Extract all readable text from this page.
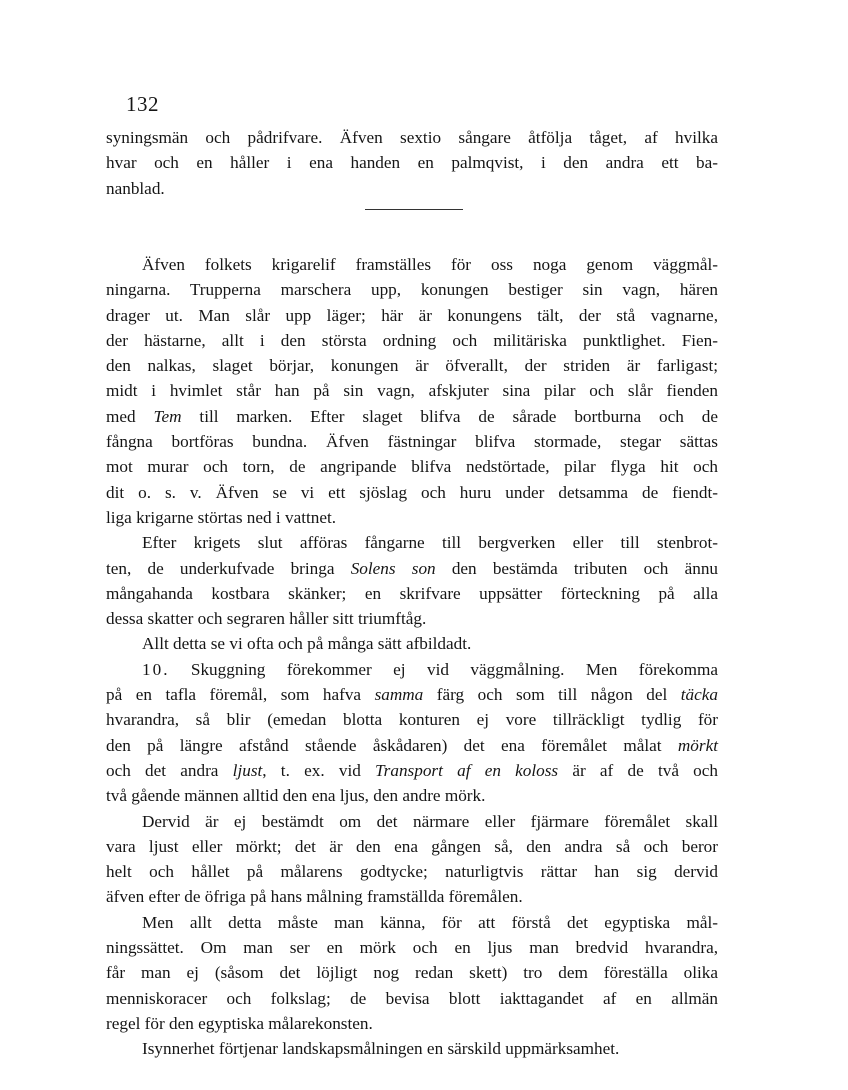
132
syningsmän och pådrifvare. Äfven sextio sångare åtfölja tåget, af hvilka
hvar och en håller i ena handen en palmqvist, i den andra ett ba-
nanblad.
Äfven folkets krigarelif framställes för oss noga genom väggmål-
ningarna. Trupperna marschera upp, konungen bestiger sin vagn, hären
drager ut. Man slår upp läger; här är konungens tält, der stå vagnarne,
der hästarne, allt i den största ordning och militäriska punktlighet. Fien-
den nalkas, slaget börjar, konungen är öfverallt, der striden är farligast;
midt i hvimlet står han på sin vagn, afskjuter sina pilar och slår fienden
med Tem till marken. Efter slaget blifva de sårade bortburna och de
fångna bortföras bundna. Äfven fästningar blifva stormade, stegar sättas
mot murar och torn, de angripande blifva nedstörtade, pilar flyga hit och
dit o. s. v. Äfven se vi ett sjöslag och huru under detsamma de fiendt-
liga krigarne störtas ned i vattnet.
Efter krigets slut afföras fångarne till bergverken eller till stenbrot-
ten, de underkufvade bringa Solens son den bestämda tributen och ännu
mångahanda kostbara skänker; en skrifvare uppsätter förteckning på alla
dessa skatter och segraren håller sitt triumftåg.
Allt detta se vi ofta och på många sätt afbildadt.
10. Skuggning förekommer ej vid väggmålning. Men förekomma
på en tafla föremål, som hafva samma färg och som till någon del täcka
hvarandra, så blir (emedan blotta konturen ej vore tillräckligt tydlig för
den på längre afstånd stående åskådaren) det ena föremålet målat mörkt
och det andra ljust, t. ex. vid Transport af en koloss är af de två och
två gående männen alltid den ena ljus, den andre mörk.
Dervid är ej bestämdt om det närmare eller fjärmare föremålet skall
vara ljust eller mörkt; det är den ena gången så, den andra så och beror
helt och hållet på målarens godtycke; naturligtvis rättar han sig dervid
äfven efter de öfriga på hans målning framställda föremålen.
Men allt detta måste man känna, för att förstå det egyptiska mål-
ningssättet. Om man ser en mörk och en ljus man bredvid hvarandra,
får man ej (såsom det löjligt nog redan skett) tro dem föreställa olika
menniskoracer och folkslag; de bevisa blott iakttagandet af en allmän
regel för den egyptiska målarekonsten.
Isynnerhet förtjenar landskapsmålningen en särskild uppmärksamhet.
